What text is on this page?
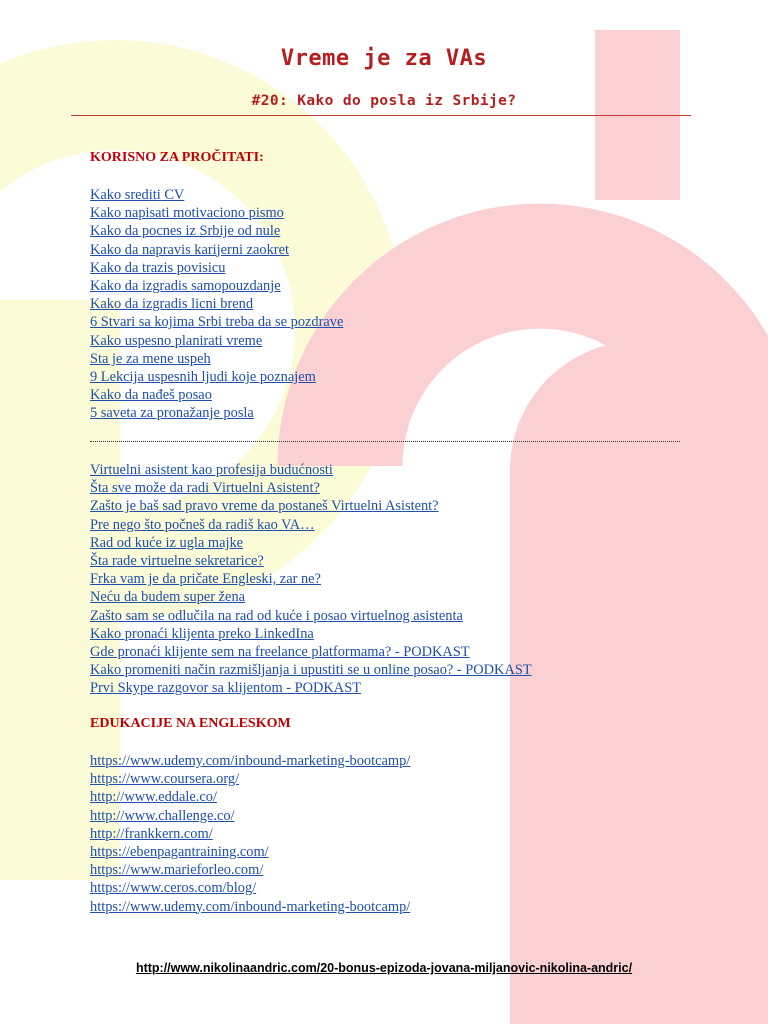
Vreme je za VAs
#20: Kako do posla iz Srbije?
KORISNO ZA PROČITATI:
Kako srediti CV
Kako napisati motivaciono pismo
Kako da pocnes iz Srbije od nule
Kako da napravis karijerni zaokret
Kako da trazis povisicu
Kako da izgradis samopouzdanje
Kako da izgradis licni brend
6 Stvari sa kojima Srbi treba da se pozdrave
Kako uspesno planirati vreme
Sta je za mene uspeh
9 Lekcija uspesnih ljudi koje poznajem
Kako da nađeš posao
5 saveta za pronažanje posla
Virtuelni asistent kao profesija budućnosti
Šta sve može da radi Virtuelni Asistent?
Zašto je baš sad pravo vreme da postaneš Virtuelni Asistent?
Pre nego što počneš da radiš kao VA…
Rad od kuće iz ugla majke
Šta rade virtuelne sekretarice?
Frka vam je da pričate Engleski, zar ne?
Neću da budem super žena
Zašto sam se odlučila na rad od kuće i posao virtuelnog asistenta
Kako pronaći klijenta preko LinkedIna
Gde pronaći klijente sem na freelance platformama? - PODKAST
Kako promeniti način razmišljanja i upustiti se u online posao? - PODKAST
Prvi Skype razgovor sa klijentom - PODKAST
EDUKACIJE NA ENGLESKOM
https://www.udemy.com/inbound-marketing-bootcamp/
https://www.coursera.org/
http://www.eddale.co/
http://www.challenge.co/
http://frankkern.com/
https://ebenpagantraining.com/
https://www.marieforleo.com/
https://www.ceros.com/blog/
https://www.udemy.com/inbound-marketing-bootcamp/
http://www.nikolinaandric.com/20-bonus-epizoda-jovana-miljanovic-nikolina-andric/
